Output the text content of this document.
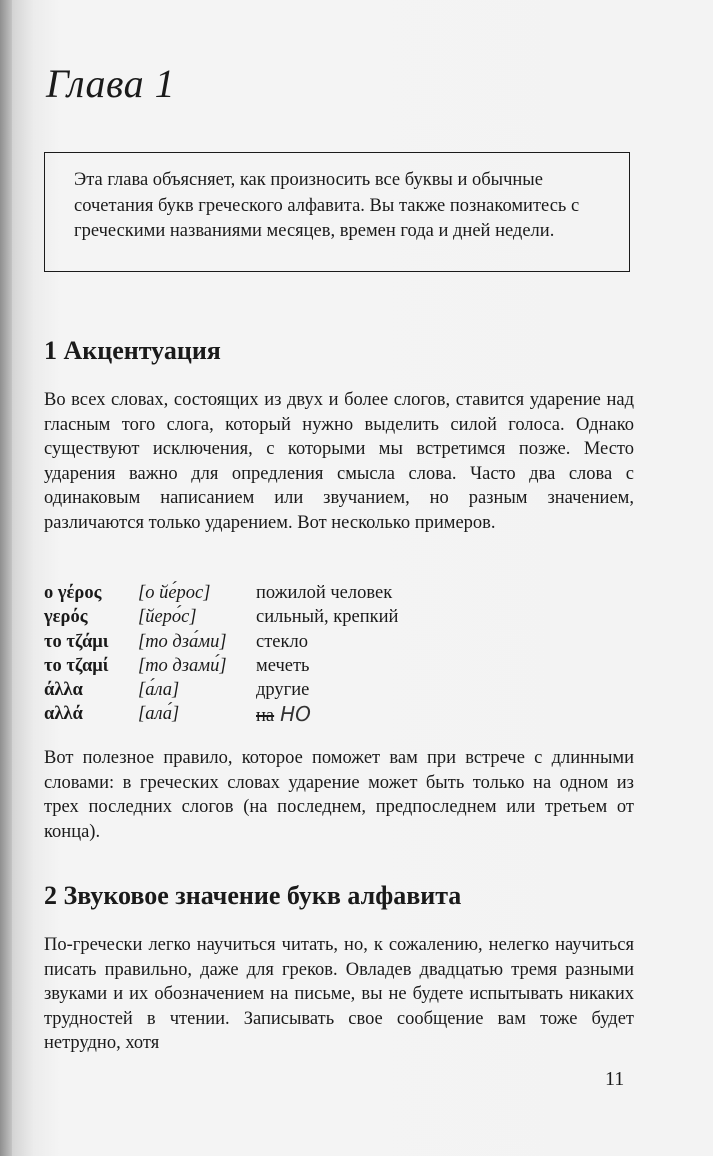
Глава 1
Эта глава объясняет, как произносить все буквы и обычные сочетания букв греческого алфавита. Вы также познакомитесь с греческими названиями месяцев, времен года и дней недели.
1 Акцентуация
Во всех словах, состоящих из двух и более слогов, ставится ударение над гласным того слога, который нужно выделить силой голоса. Однако существуют исключения, с которыми мы встретимся позже. Место ударения важно для опредления смысла слова. Часто два слова с одинаковым написанием или звучанием, но разным значением, различаются только ударением. Вот несколько примеров.
ο γέρος	[о йе́рос]	пожилой человек
γερός	[йеро́с]	сильный, крепкий
το τζάμι	[то дза́ми]	стекло
το τζαμί	[то дзами́]	мечеть
άλλα	[а́ла]	другие
αλλά	[ала́]	на НО
Вот полезное правило, которое поможет вам при встрече с длинными словами: в греческих словах ударение может быть только на одном из трех последних слогов (на последнем, предпоследнем или третьем от конца).
2 Звуковое значение букв алфавита
По-гречески легко научиться читать, но, к сожалению, нелегко научиться писать правильно, даже для греков. Овладев двадцатью тремя разными звуками и их обозначением на письме, вы не будете испытывать никаких трудностей в чтении. Записывать свое сообщение вам тоже будет нетрудно, хотя
11
